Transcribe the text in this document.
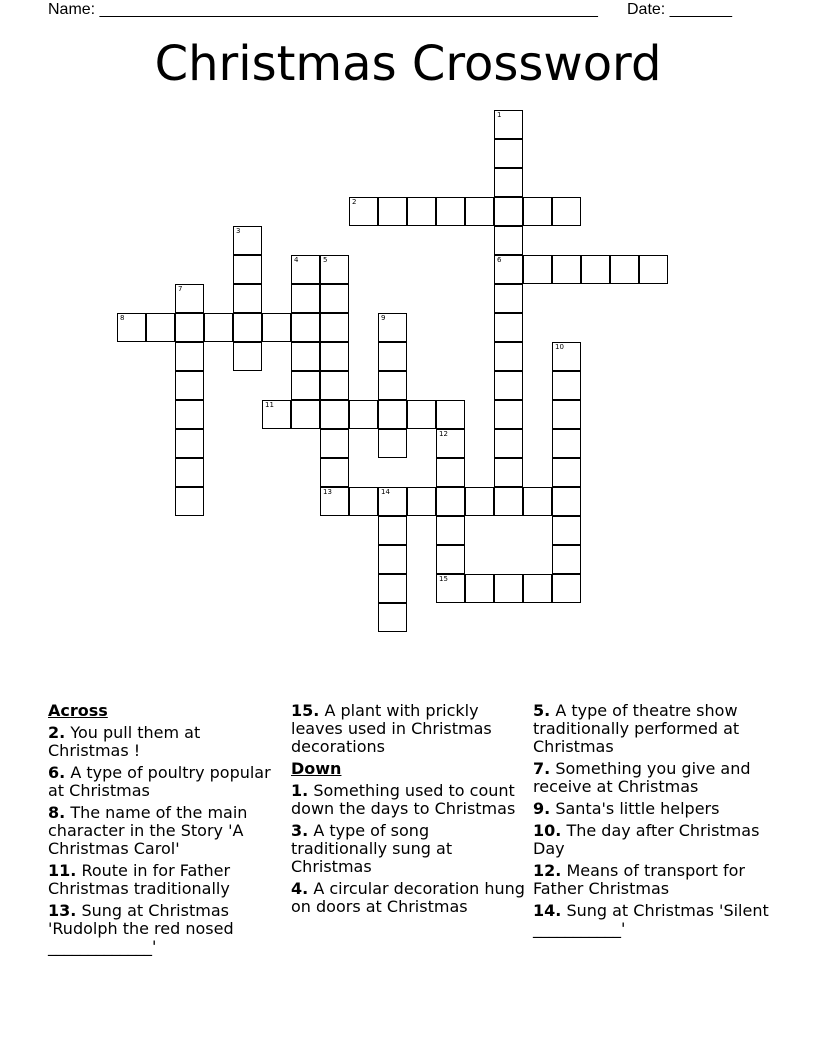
Name: ________________________________________________________ Date: _______
Christmas Crossword
1
6
2
3
4	5
13
7
8	9
10
11
12
15
14
Across
2. You pull them at Christmas !
6. A type of poultry popular at Christmas
8. The name of the main character in the Story 'A Christmas Carol'
11. Route in for Father Christmas traditionally
13. Sung at Christmas 'Rudolph the red nosed _____________'
15. A plant with prickly leaves used in Christmas decorations
Down
1. Something used to count down the days to Christmas
3. A type of song traditionally sung at Christmas
4. A circular decoration hung on doors at Christmas
5. A type of theatre show traditionally performed at Christmas
7. Something you give and receive at Christmas
9. Santa's little helpers
10. The day after Christmas Day
12. Means of transport for Father Christmas
14. Sung at Christmas 'Silent ___________'
